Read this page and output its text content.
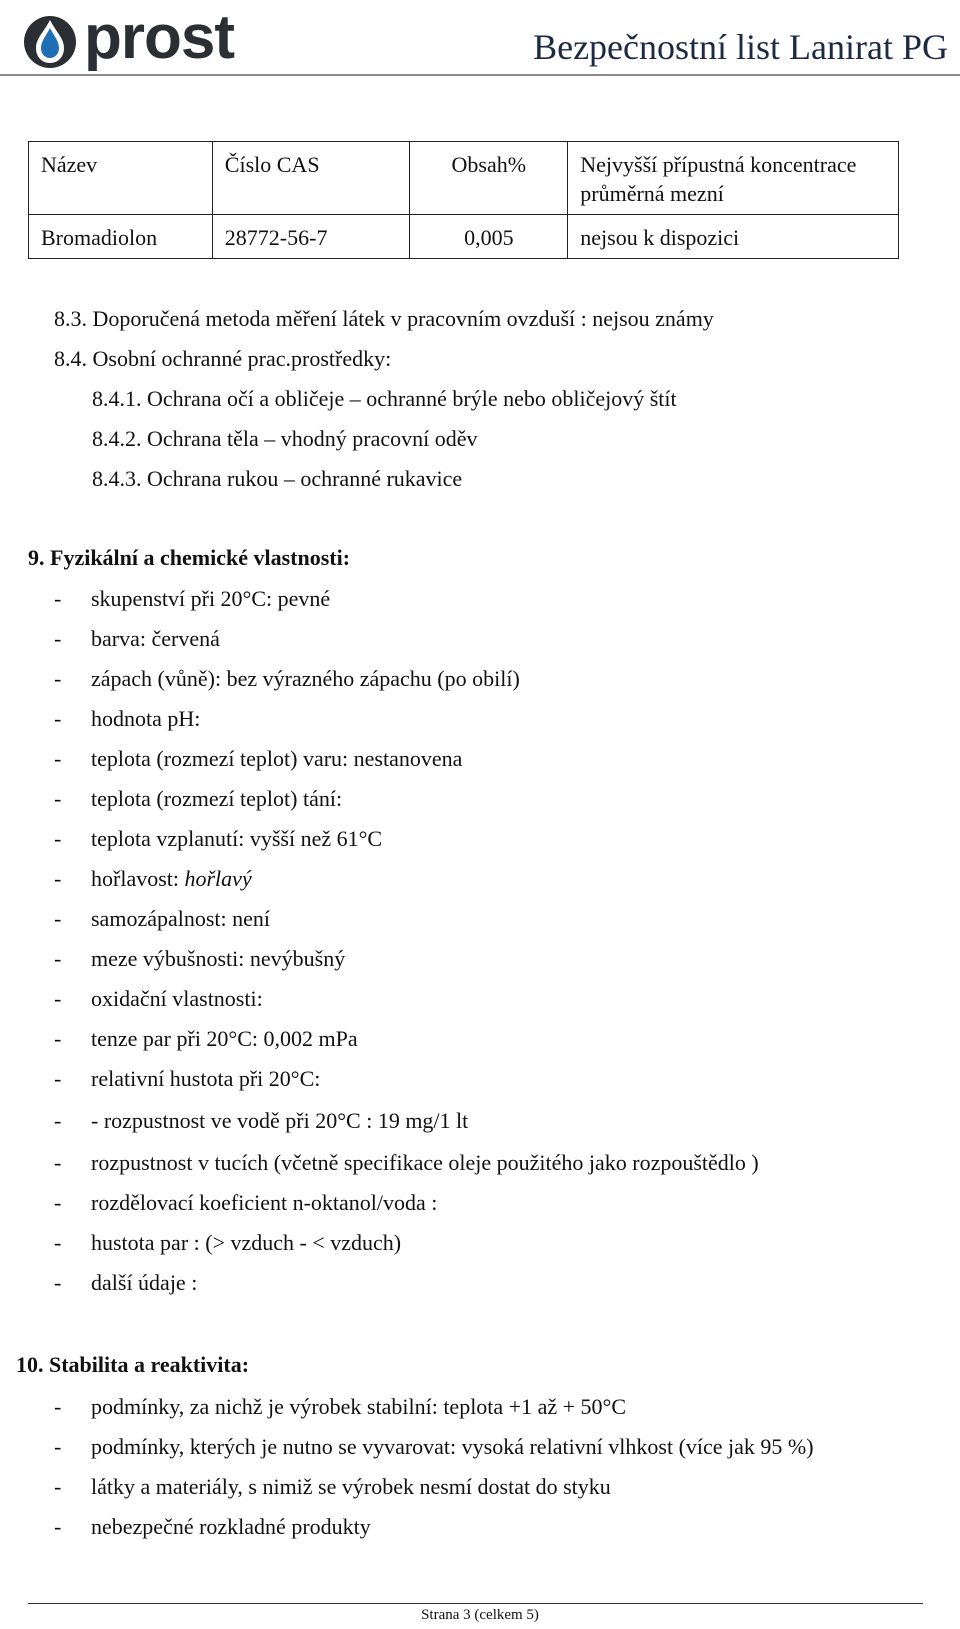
prost	Bezpečnostní list Lanirat PG
Název	Číslo CAS	Obsah%	Nejvyšší přípustná koncentrace průměrná mezní
Bromadiolon	28772-56-7	0,005	nejsou k dispozici
8.3. Doporučená metoda měření látek v pracovním ovzduší : nejsou známy
8.4. Osobní ochranné prac.prostředky:
8.4.1. Ochrana očí a obličeje – ochranné brýle nebo obličejový štít
8.4.2. Ochrana těla – vhodný pracovní oděv
8.4.3. Ochrana rukou – ochranné rukavice
9. Fyzikální a chemické vlastnosti:
- skupenství při 20°C: pevné
- barva: červená
- zápach (vůně): bez výrazného zápachu (po obilí)
- hodnota pH:
- teplota (rozmezí teplot) varu: nestanovena
- teplota (rozmezí teplot) tání:
- teplota vzplanutí: vyšší než 61°C
- hořlavost: hořlavý
- samozápalnost: není
- meze výbušnosti: nevýbušný
- oxidační vlastnosti:
- tenze par při 20°C: 0,002 mPa
- relativní hustota při 20°C:
- - rozpustnost ve vodě při 20°C : 19 mg/1 lt
- rozpustnost v tucích (včetně specifikace oleje použitého jako rozpouštědlo )
- rozdělovací koeficient n-oktanol/voda :
- hustota par : (> vzduch - < vzduch)
- další údaje :
10. Stabilita a reaktivita:
- podmínky, za nichž je výrobek stabilní: teplota +1 až + 50°C
- podmínky, kterých je nutno se vyvarovat: vysoká relativní vlhkost (více jak 95 %)
- látky a materiály, s nimiž se výrobek nesmí dostat do styku
- nebezpečné rozkladné produkty
Strana 3 (celkem 5)
